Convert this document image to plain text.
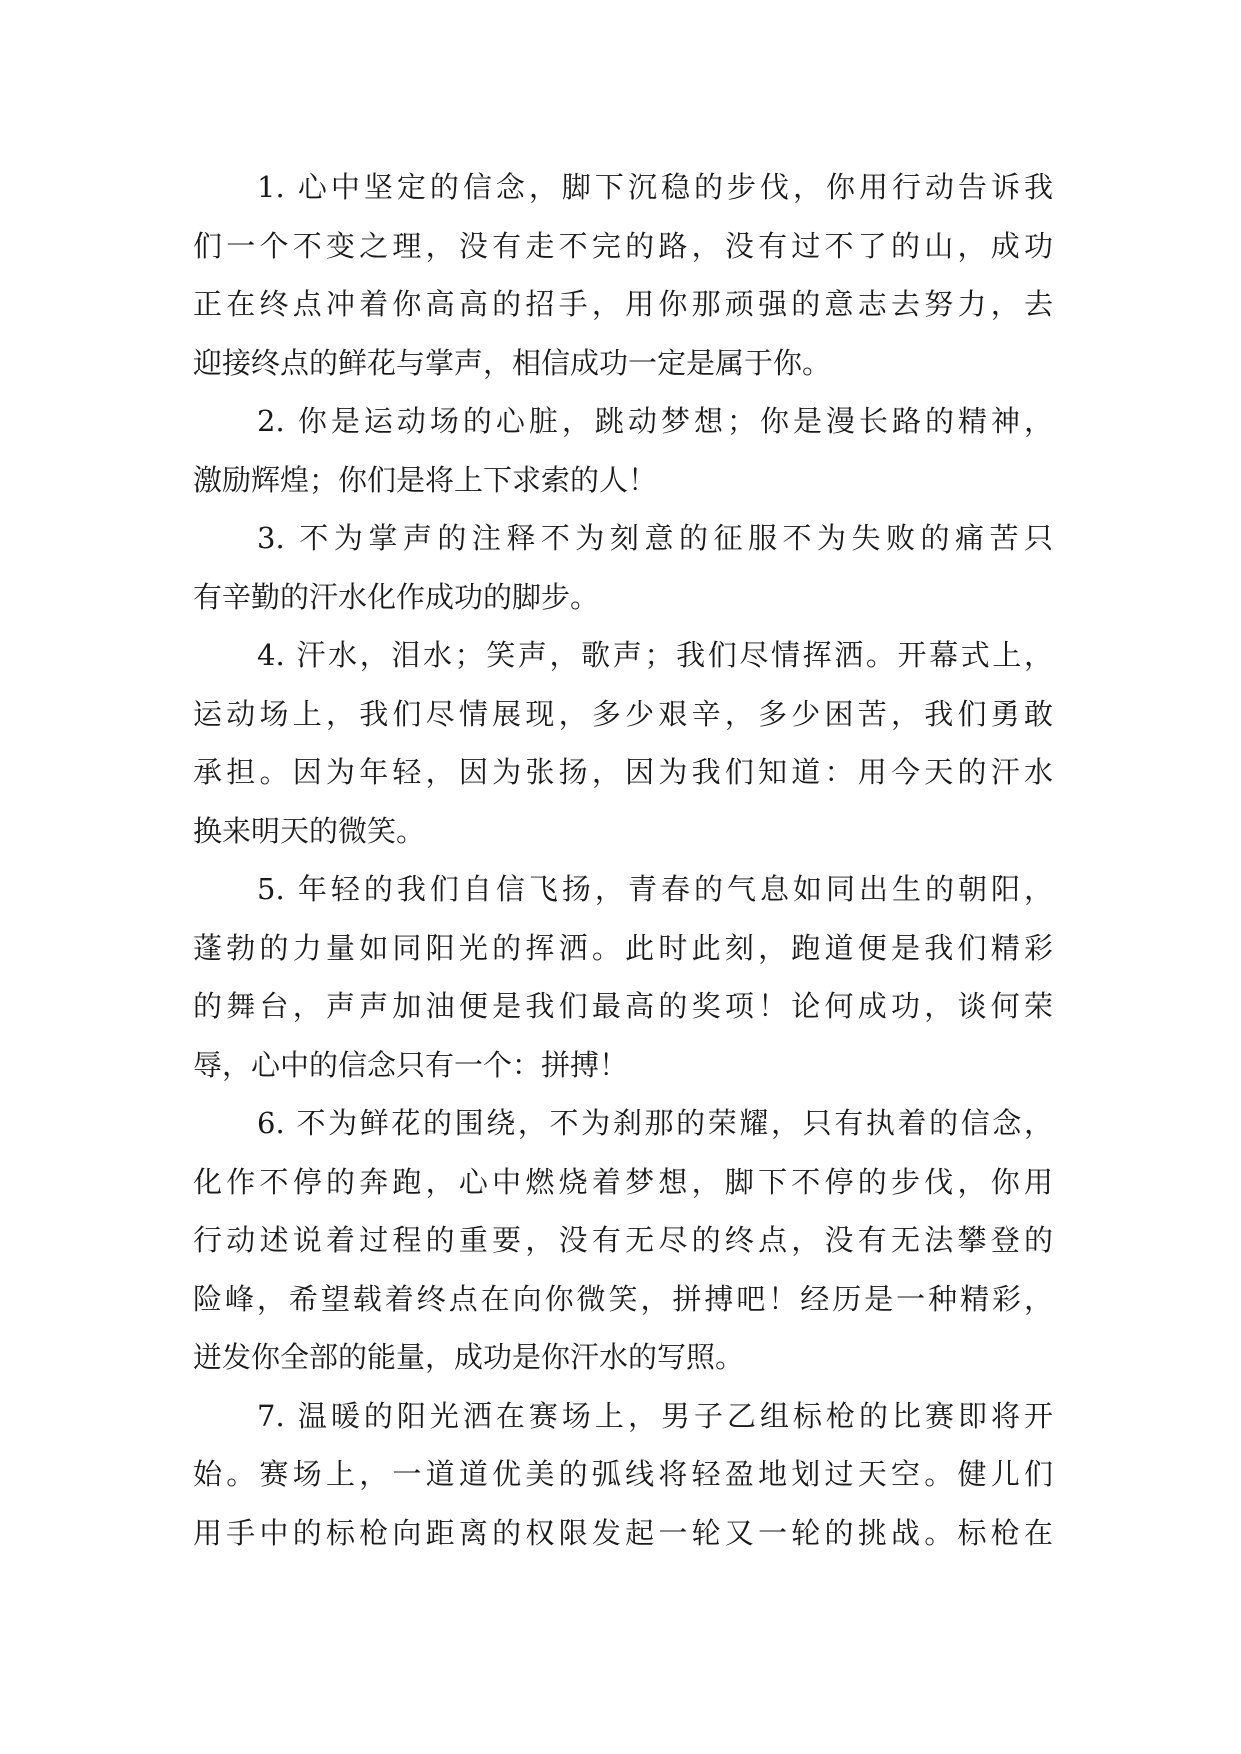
1. 心中坚定的信念，脚下沉稳的步伐，你用行动告诉我
们一个不变之理，没有走不完的路，没有过不了的山，成功
正在终点冲着你高高的招手，用你那顽强的意志去努力，去
迎接终点的鲜花与掌声，相信成功一定是属于你。
2. 你是运动场的心脏，跳动梦想；你是漫长路的精神，
激励辉煌；你们是将上下求索的人！
3. 不为掌声的注释不为刻意的征服不为失败的痛苦只
有辛勤的汗水化作成功的脚步。
4. 汗水，泪水；笑声，歌声；我们尽情挥洒。开幕式上，
运动场上，我们尽情展现，多少艰辛，多少困苦，我们勇敢
承担。因为年轻，因为张扬，因为我们知道：用今天的汗水
换来明天的微笑。
5. 年轻的我们自信飞扬，青春的气息如同出生的朝阳，
蓬勃的力量如同阳光的挥洒。此时此刻，跑道便是我们精彩
的舞台，声声加油便是我们最高的奖项！论何成功，谈何荣
辱，心中的信念只有一个：拼搏！
6. 不为鲜花的围绕，不为刹那的荣耀，只有执着的信念，
化作不停的奔跑，心中燃烧着梦想，脚下不停的步伐，你用
行动述说着过程的重要，没有无尽的终点，没有无法攀登的
险峰，希望载着终点在向你微笑，拼搏吧！经历是一种精彩，
迸发你全部的能量，成功是你汗水的写照。
7. 温暖的阳光洒在赛场上，男子乙组标枪的比赛即将开
始。赛场上，一道道优美的弧线将轻盈地划过天空。健儿们
用手中的标枪向距离的权限发起一轮又一轮的挑战。标枪在
